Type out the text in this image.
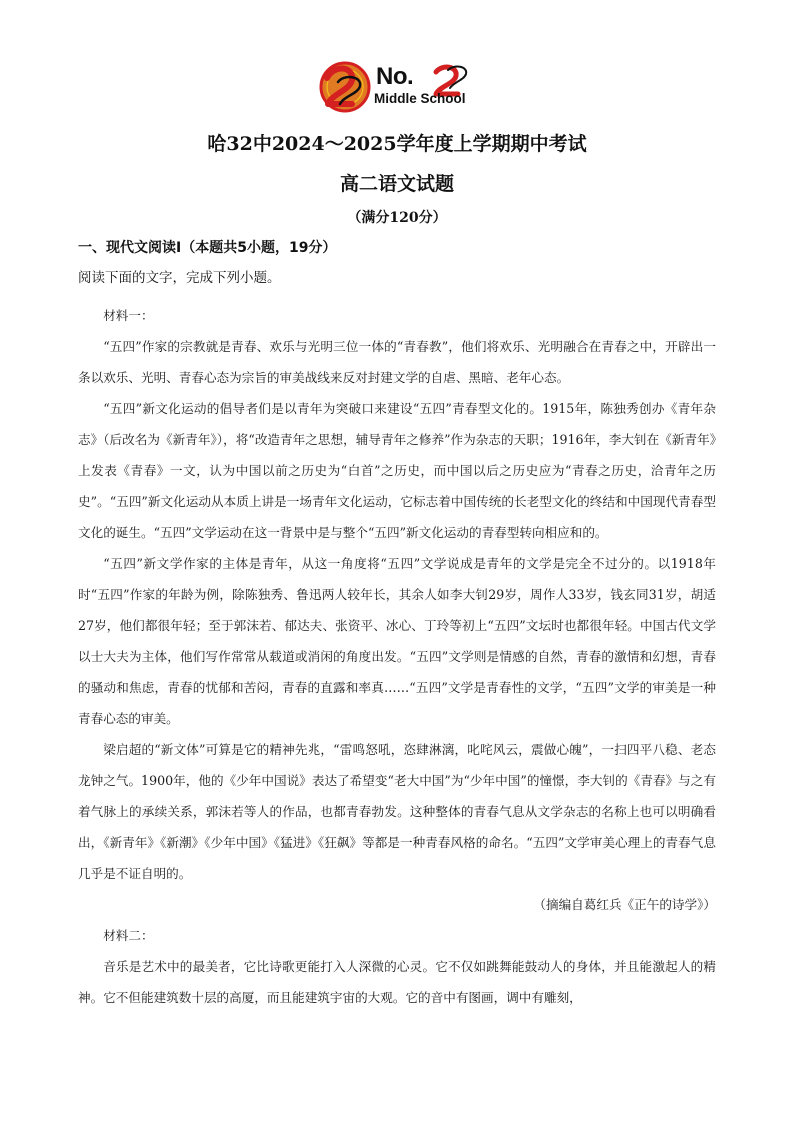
No.
Middle School
哈32中2024～2025学年度上学期期中考试
高二语文试题
（满分120分）
一、现代文阅读Ⅰ（本题共5小题，19分）
阅读下面的文字，完成下列小题。

材料一：

“五四”作家的宗教就是青春、欢乐与光明三位一体的“青春教”，他们将欢乐、光明融合在青春之中，开辟出一条以欢乐、光明、青春心态为宗旨的审美战线来反对封建文学的自虐、黑暗、老年心态。

“五四”新文化运动的倡导者们是以青年为突破口来建设“五四”青春型文化的。1915年，陈独秀创办《青年杂志》（后改名为《新青年》），将“改造青年之思想，辅导青年之修养”作为杂志的天职；1916年，李大钊在《新青年》上发表《青春》一文，认为中国以前之历史为“白首”之历史，而中国以后之历史应为“青春之历史，洽青年之历史”。“五四”新文化运动从本质上讲是一场青年文化运动，它标志着中国传统的长老型文化的终结和中国现代青春型文化的诞生。“五四”文学运动在这一背景中是与整个“五四”新文化运动的青春型转向相应和的。

“五四”新文学作家的主体是青年，从这一角度将“五四”文学说成是青年的文学是完全不过分的。以1918年时“五四”作家的年龄为例，除陈独秀、鲁迅两人较年长，其余人如李大钊29岁，周作人33岁，钱玄同31岁，胡适27岁，他们都很年轻；至于郭沫若、郁达夫、张资平、冰心、丁玲等初上“五四”文坛时也都很年轻。中国古代文学以士大夫为主体，他们写作常常从载道或消闲的角度出发。“五四”文学则是情感的自然，青春的激情和幻想，青春的骚动和焦虑，青春的忧郁和苦闷，青春的直露和率真……“五四”文学是青春性的文学，“五四”文学的审美是一种青春心态的审美。

梁启超的“新文体”可算是它的精神先兆，“雷鸣怒吼，恣肆淋漓，叱咤风云，震做心魄”，一扫四平八稳、老态龙钟之气。1900年，他的《少年中国说》表达了希望变“老大中国”为“少年中国”的憧憬，李大钊的《青春》与之有着气脉上的承续关系，郭沫若等人的作品，也都青春勃发。这种整体的青春气息从文学杂志的名称上也可以明确看出，《新青年》《新潮》《少年中国》《猛进》《狂飙》等都是一种青春风格的命名。“五四”文学审美心理上的青春气息几乎是不证自明的。

（摘编自葛红兵《正午的诗学》）

材料二：

音乐是艺术中的最美者，它比诗歌更能打入人深微的心灵。它不仅如跳舞能鼓动人的身体，并且能激起人的精神。它不但能建筑数十层的高厦，而且能建筑宇宙的大观。它的音中有图画，调中有雕刻，
